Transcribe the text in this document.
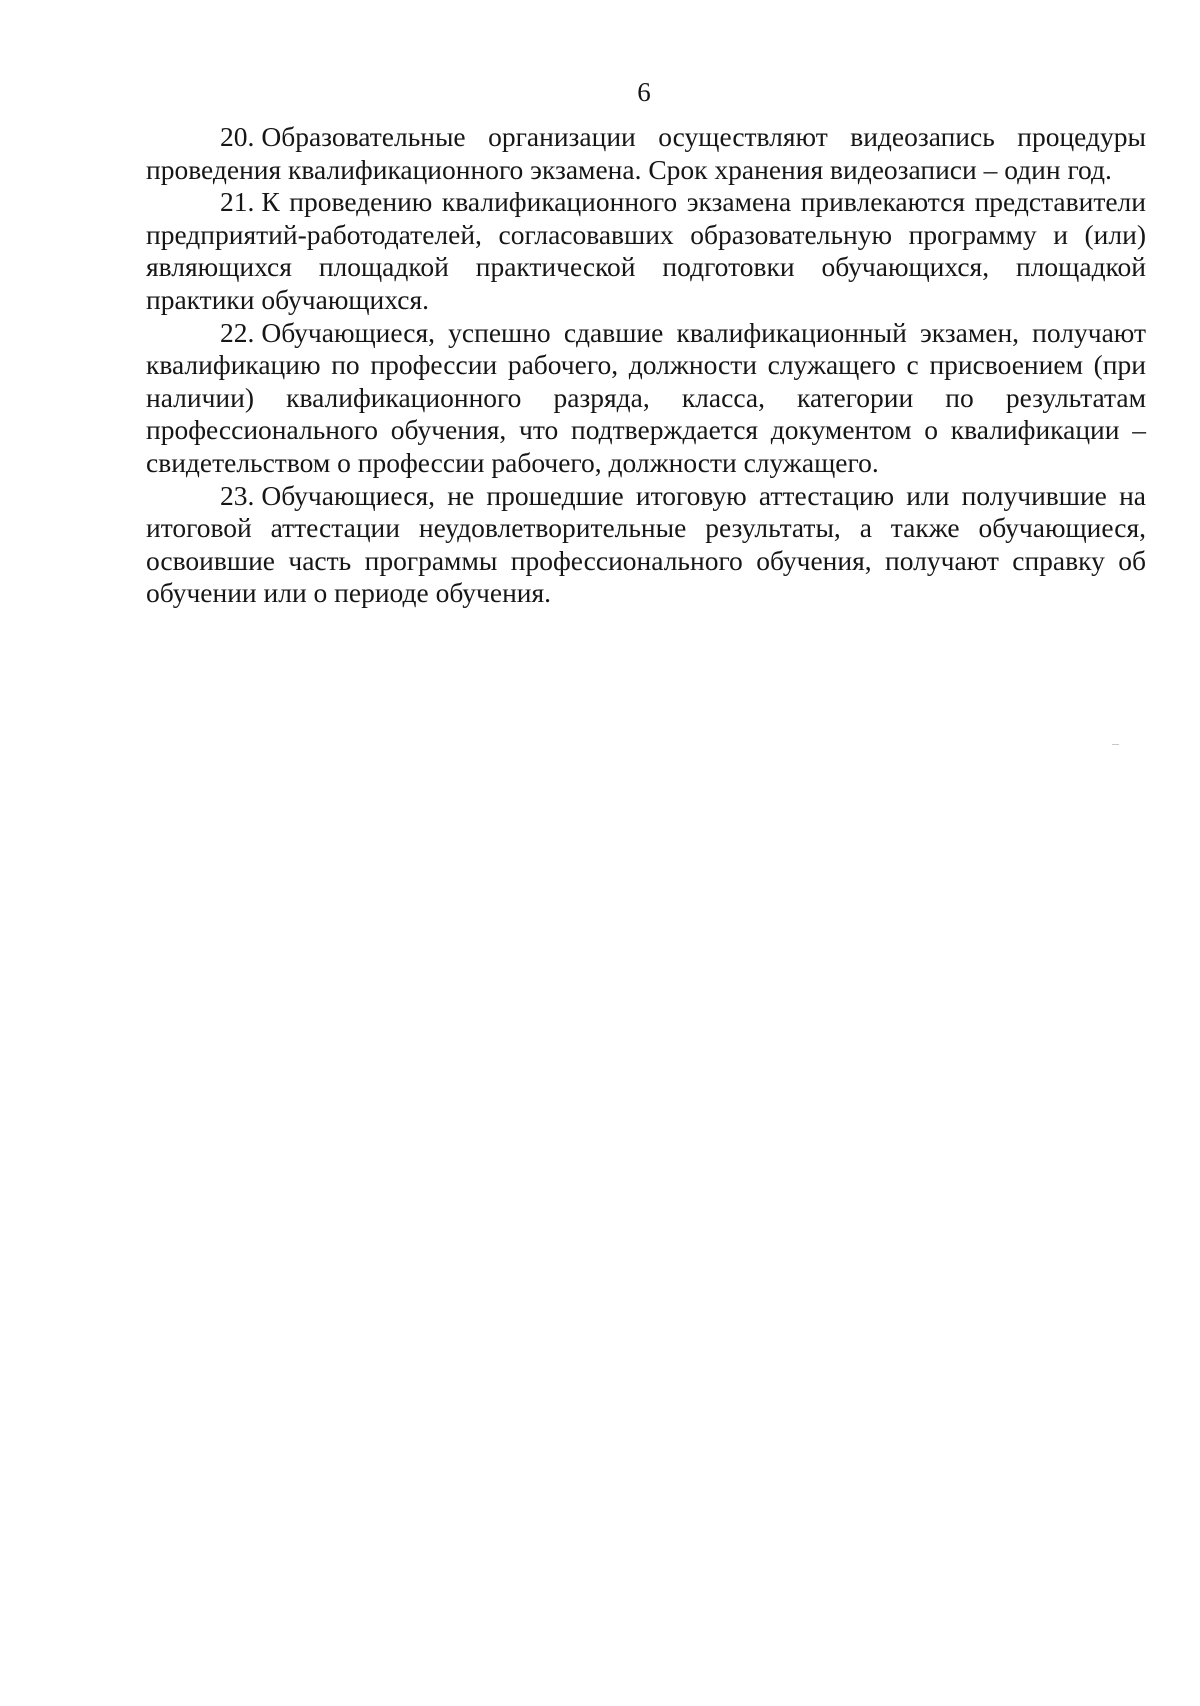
6

20. Образовательные организации осуществляют видеозапись процедуры проведения квалификационного экзамена. Срок хранения видеозаписи – один год.

21. К проведению квалификационного экзамена привлекаются представители предприятий-работодателей, согласовавших образовательную программу и (или) являющихся площадкой практической подготовки обучающихся, площадкой практики обучающихся.

22. Обучающиеся, успешно сдавшие квалификационный экзамен, получают квалификацию по профессии рабочего, должности служащего с присвоением (при наличии) квалификационного разряда, класса, категории по результатам профессионального обучения, что подтверждается документом о квалификации – свидетельством о профессии рабочего, должности служащего.

23. Обучающиеся, не прошедшие итоговую аттестацию или получившие на итоговой аттестации неудовлетворительные результаты, а также обучающиеся, освоившие часть программы профессионального обучения, получают справку об обучении или о периоде обучения.
